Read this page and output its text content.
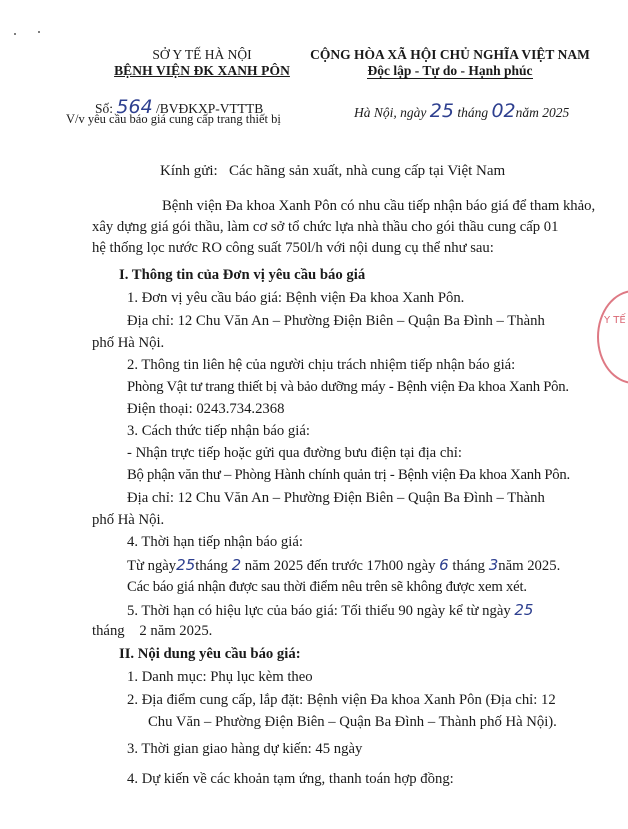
SỞ Y TẾ HÀ NỘI
BỆNH VIỆN ĐK XANH PÔN
CỘNG HÒA XÃ HỘI CHỦ NGHĨA VIỆT NAM
Độc lập - Tự do - Hạnh phúc
Số: 564 /BVĐKXP-VTTTB
V/v yêu cầu báo giá cung cấp trang thiết bị	Hà Nội, ngày 25 tháng 02năm 2025
Kính gửi: Các hãng sản xuất, nhà cung cấp tại Việt Nam
Bệnh viện Đa khoa Xanh Pôn có nhu cầu tiếp nhận báo giá để tham khảo,
xây dựng giá gói thầu, làm cơ sở tổ chức lựa nhà thầu cho gói thầu cung cấp 01
hệ thống lọc nước RO công suất 750l/h với nội dung cụ thể như sau:
I. Thông tin của Đơn vị yêu cầu báo giá
1. Đơn vị yêu cầu báo giá: Bệnh viện Đa khoa Xanh Pôn.
Địa chỉ: 12 Chu Văn An – Phường Điện Biên – Quận Ba Đình – Thành
phố Hà Nội.
2. Thông tin liên hệ của người chịu trách nhiệm tiếp nhận báo giá:
Phòng Vật tư trang thiết bị và bảo dưỡng máy - Bệnh viện Đa khoa Xanh Pôn.
Điện thoại: 0243.734.2368
3. Cách thức tiếp nhận báo giá:
- Nhận trực tiếp hoặc gửi qua đường bưu điện tại địa chỉ:
Bộ phận văn thư – Phòng Hành chính quản trị - Bệnh viện Đa khoa Xanh Pôn.
Địa chỉ: 12 Chu Văn An – Phường Điện Biên – Quận Ba Đình – Thành
phố Hà Nội.
4. Thời hạn tiếp nhận báo giá:
Từ ngày25tháng 2 năm 2025 đến trước 17h00 ngày 6 tháng 3năm 2025.
Các báo giá nhận được sau thời điểm nêu trên sẽ không được xem xét.
5. Thời hạn có hiệu lực của báo giá: Tối thiểu 90 ngày kể từ ngày 25
tháng 2 năm 2025.
II. Nội dung yêu cầu báo giá:
1. Danh mục: Phụ lục kèm theo
2. Địa điểm cung cấp, lắp đặt: Bệnh viện Đa khoa Xanh Pôn (Địa chỉ: 12
Chu Văn – Phường Điện Biên – Quận Ba Đình – Thành phố Hà Nội).
3. Thời gian giao hàng dự kiến: 45 ngày
4. Dự kiến về các khoản tạm ứng, thanh toán hợp đồng:
Y TẾ
